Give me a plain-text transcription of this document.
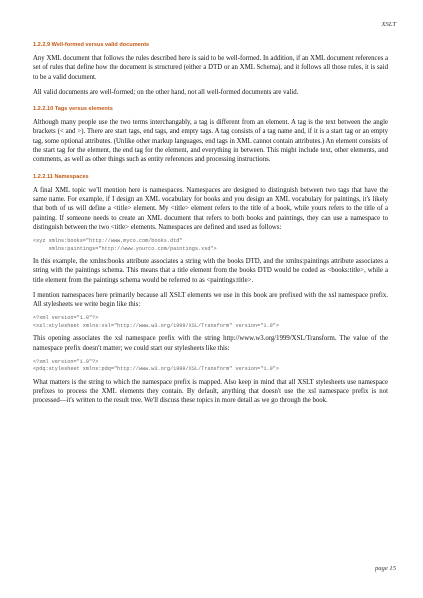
XSLT
1.2.2.9 Well-formed versus valid documents
Any XML document that follows the rules described here is said to be well-formed. In addition, if an XML document references a set of rules that define how the document is structured (either a DTD or an XML Schema), and it follows all those rules, it is said to be a valid document.
All valid documents are well-formed; on the other hand, not all well-formed documents are valid.
1.2.2.10 Tags versus elements
Although many people use the two terms interchangably, a tag is different from an element. A tag is the text between the angle brackets (< and >). There are start tags, end tags, and empty tags. A tag consists of a tag name and, if it is a start tag or an empty tag, some optional attributes. (Unlike other markup languages, end tags in XML cannot contain attributes.) An element consists of the start tag for the element, the end tag for the element, and everything in between. This might include text, other elements, and comments, as well as other things such as entity references and processing instructions.
1.2.2.11 Namespaces
A final XML topic we'll mention here is namespaces. Namespaces are designed to distinguish between two tags that have the same name. For example, if I design an XML vocabulary for books and you design an XML vocabulary for paintings, it's likely that both of us will define a <title> element. My <title> element refers to the title of a book, while yours refers to the title of a painting. If someone needs to create an XML document that refers to both books and paintings, they can use a namespace to distinguish between the two <title> elements. Namespaces are defined and used as follows:
<xyz xmlns:books="http://www.myco.com/books.dtd"
xmlns:paintings="http://www.yourco.com/paintings.xsd">
In this example, the xmlns:books attribute associates a string with the books DTD, and the xmlns:paintings attribute associates a string with the paintings schema. This means that a title element from the books DTD would be coded as <books:title>, while a title element from the paintings schema would be referred to as <paintings:title>.
I mention namespaces here primarily because all XSLT elements we use in this book are prefixed with the xsl namespace prefix. All stylesheets we write begin like this:
<?xml version="1.0"?>
<xsl:stylesheet xmlns:xsl="http://www.w3.org/1999/XSL/Transform" version="1.0">
This opening associates the xsl namespace prefix with the string http://www.w3.org/1999/XSL/Transform. The value of the namespace prefix doesn't matter; we could start our stylesheets like this:
<?xml version="1.0"?>
<pdq:stylesheet xmlns:pdq="http://www.w3.org/1999/XSL/Transform" version="1.0">
What matters is the string to which the namespace prefix is mapped. Also keep in mind that all XSLT stylesheets use namespace prefixes to process the XML elements they contain. By default, anything that doesn't use the xsl namespace prefix is not processed—it's written to the result tree. We'll discuss these topics in more detail as we go through the book.
page 15
